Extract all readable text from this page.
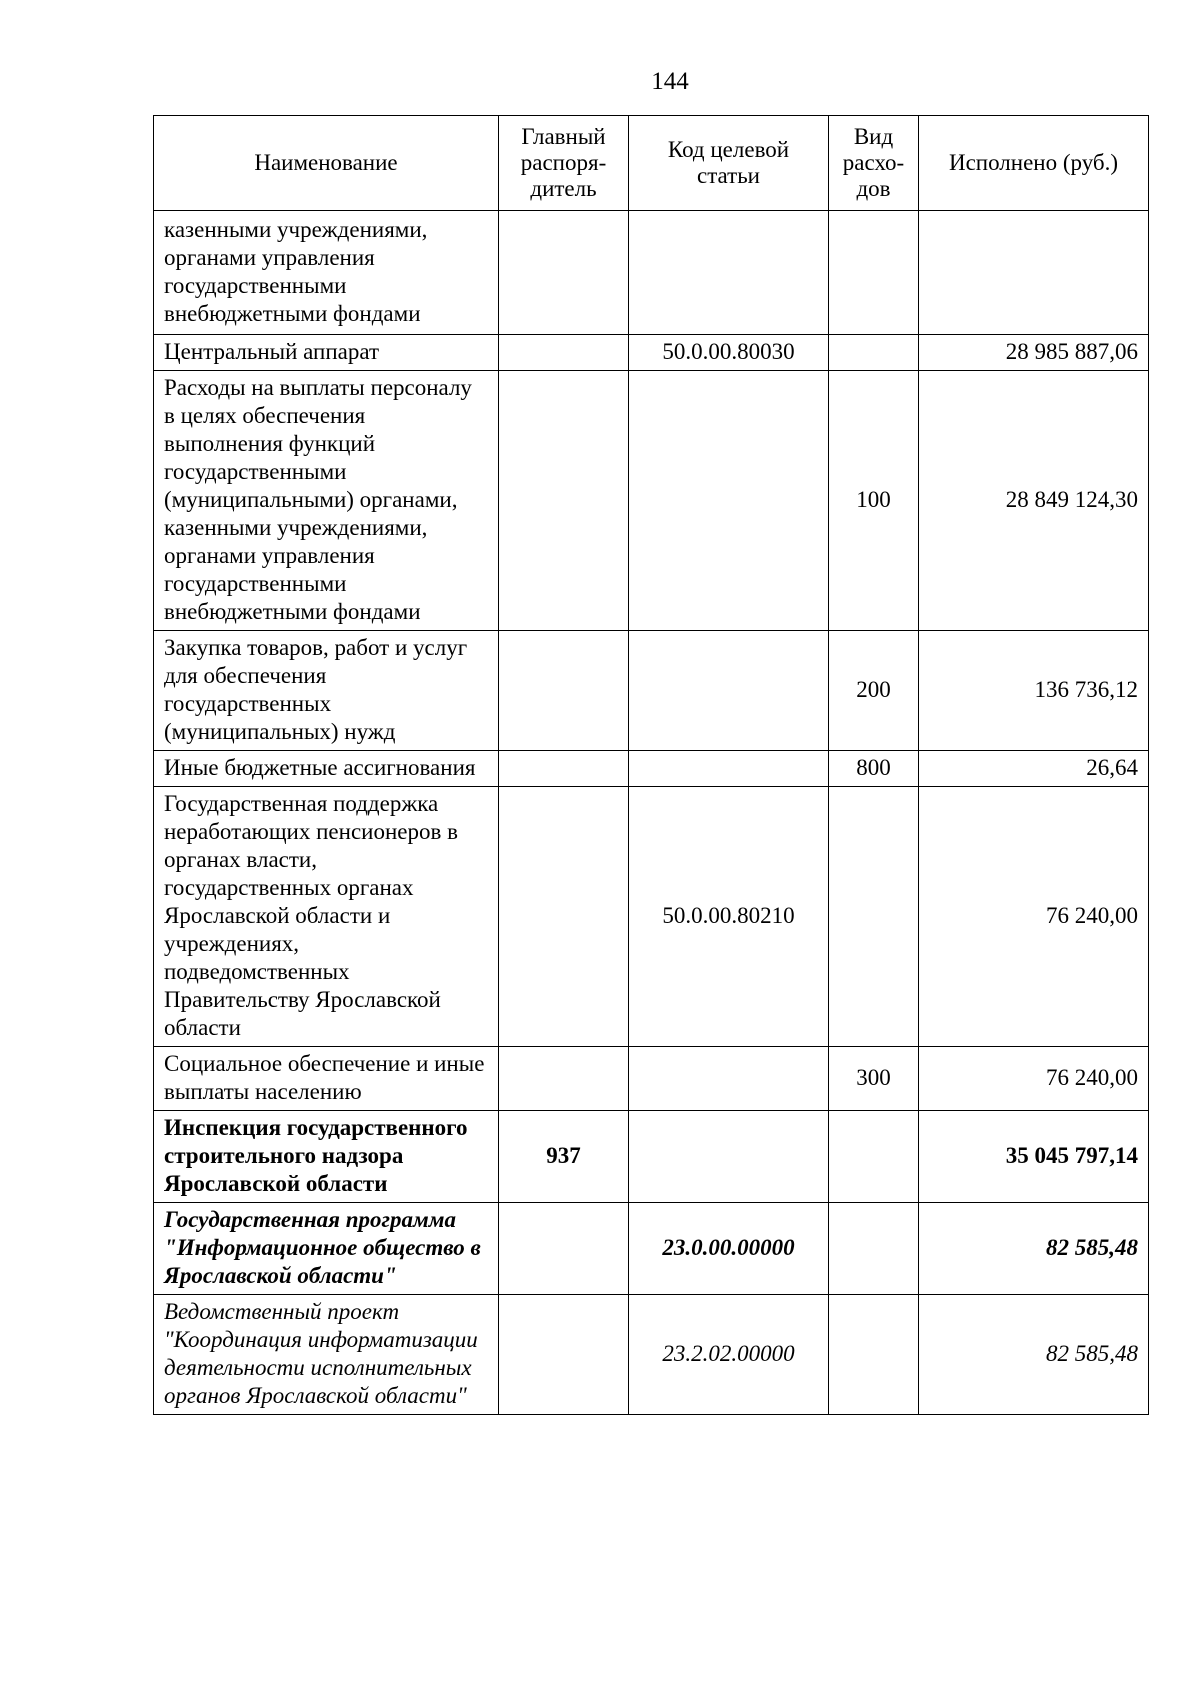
144
Наименование	Главный распоря-дитель	Код целевой статьи	Вид расхо-дов	Исполнено (руб.)
казенными учреждениями, органами управления государственными внебюджетными фондами				
Центральный аппарат		50.0.00.80030		28 985 887,06
Расходы на выплаты персоналу в целях обеспечения выполнения функций государственными (муниципальными) органами, казенными учреждениями, органами управления государственными внебюджетными фондами			100	28 849 124,30
Закупка товаров, работ и услуг для обеспечения государственных (муниципальных) нужд			200	136 736,12
Иные бюджетные ассигнования			800	26,64
Государственная поддержка неработающих пенсионеров в органах власти, государственных органах Ярославской области и учреждениях, подведомственных Правительству Ярославской области		50.0.00.80210		76 240,00
Социальное обеспечение и иные выплаты населению			300	76 240,00
Инспекция государственного строительного надзора Ярославской области	937			35 045 797,14
Государственная программа "Информационное общество в Ярославской области"		23.0.00.00000		82 585,48
Ведомственный проект "Координация информатизации деятельности исполнительных органов Ярославской области"		23.2.02.00000		82 585,48
